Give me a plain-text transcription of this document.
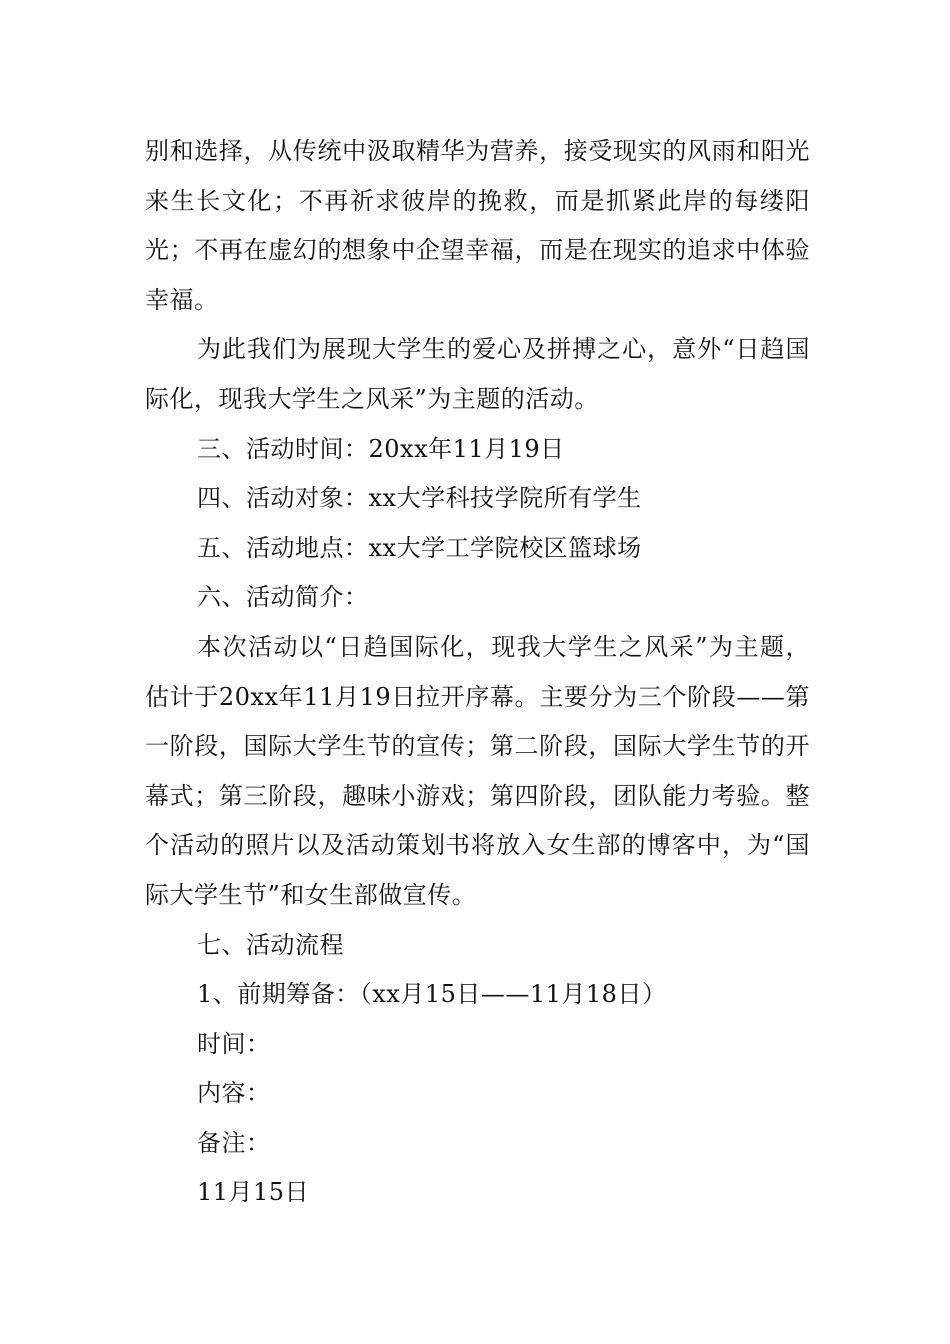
别和选择，从传统中汲取精华为营养，接受现实的风雨和阳光来生长文化；不再祈求彼岸的挽救，而是抓紧此岸的每缕阳光；不再在虚幻的想象中企望幸福，而是在现实的追求中体验幸福。

为此我们为展现大学生的爱心及拼搏之心，意外“日趋国际化，现我大学生之风采”为主题的活动。

三、活动时间：20xx年11月19日

四、活动对象：xx大学科技学院所有学生

五、活动地点：xx大学工学院校区篮球场

六、活动简介：

本次活动以“日趋国际化，现我大学生之风采”为主题，估计于20xx年11月19日拉开序幕。主要分为三个阶段——第一阶段，国际大学生节的宣传；第二阶段，国际大学生节的开幕式；第三阶段，趣味小游戏；第四阶段，团队能力考验。整个活动的照片以及活动策划书将放入女生部的博客中，为“国际大学生节”和女生部做宣传。

七、活动流程

1、前期筹备：（xx月15日——11月18日）

时间：

内容：

备注：

11月15日
